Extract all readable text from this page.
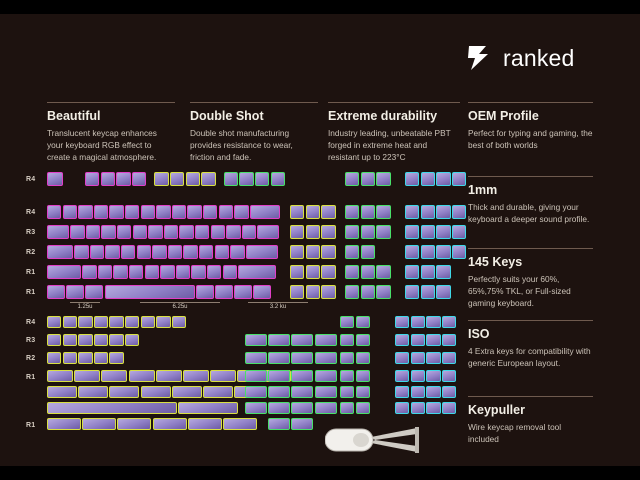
ranked
Beautiful
Translucent keycap enhances your keyboard RGB effect to create a magical atmosphere.
Double Shot
Double shot manufacturing provides resistance to wear, friction and fade.
Extreme durability
Industry leading, unbeatable PBT forged in extreme heat and resistant up to 223°C
OEM Profile
Perfect for typing and gaming, the best of both worlds
1mm
Thick and durable, giving your keyboard a deeper sound profile.
145 Keys
Perfectly suits your 60%, 65%,75% TKL, or Full-sized gaming keyboard.
ISO
4 Extra keys for compatibility with generic European layout.
Keypuller
Wire keycap removal tool included
R4
R4
R3
R2
R1
R1
1.25u	6.25u	3.2 ku
R4
R3
R2
R1
R1
